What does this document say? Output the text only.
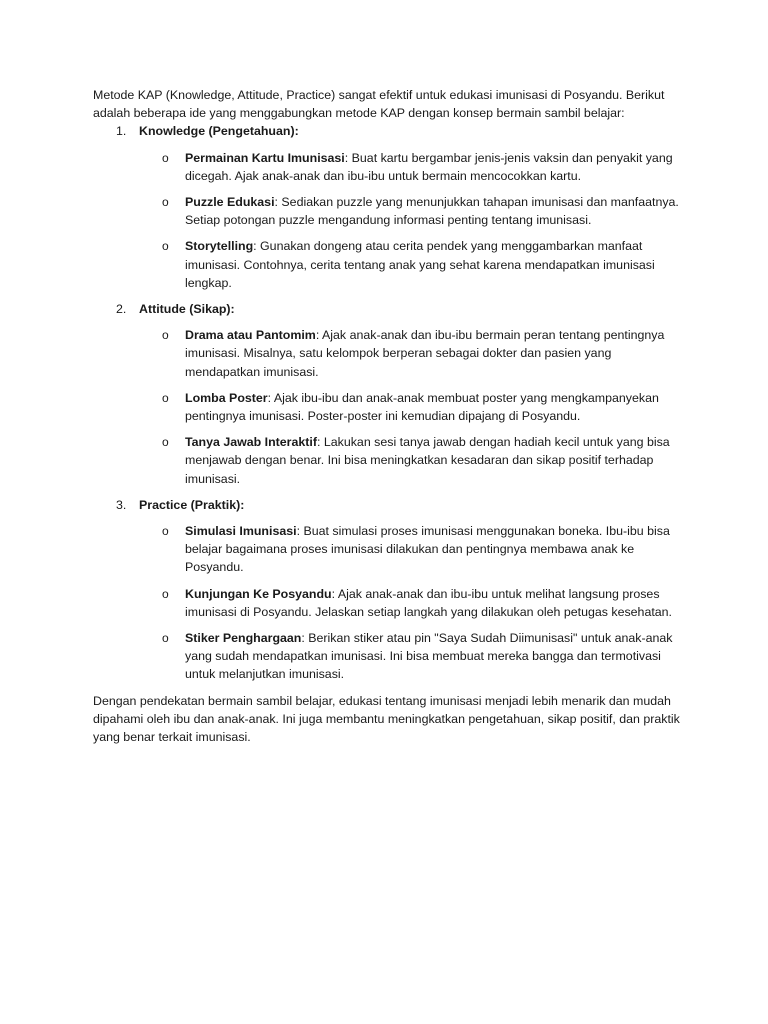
Metode KAP (Knowledge, Attitude, Practice) sangat efektif untuk edukasi imunisasi di Posyandu. Berikut adalah beberapa ide yang menggabungkan metode KAP dengan konsep bermain sambil belajar:

1. Knowledge (Pengetahuan):
o Permainan Kartu Imunisasi: Buat kartu bergambar jenis-jenis vaksin dan penyakit yang dicegah. Ajak anak-anak dan ibu-ibu untuk bermain mencocokkan kartu.
o Puzzle Edukasi: Sediakan puzzle yang menunjukkan tahapan imunisasi dan manfaatnya. Setiap potongan puzzle mengandung informasi penting tentang imunisasi.
o Storytelling: Gunakan dongeng atau cerita pendek yang menggambarkan manfaat imunisasi. Contohnya, cerita tentang anak yang sehat karena mendapatkan imunisasi lengkap.
2. Attitude (Sikap):
o Drama atau Pantomim: Ajak anak-anak dan ibu-ibu bermain peran tentang pentingnya imunisasi. Misalnya, satu kelompok berperan sebagai dokter dan pasien yang mendapatkan imunisasi.
o Lomba Poster: Ajak ibu-ibu dan anak-anak membuat poster yang mengkampanyekan pentingnya imunisasi. Poster-poster ini kemudian dipajang di Posyandu.
o Tanya Jawab Interaktif: Lakukan sesi tanya jawab dengan hadiah kecil untuk yang bisa menjawab dengan benar. Ini bisa meningkatkan kesadaran dan sikap positif terhadap imunisasi.
3. Practice (Praktik):
o Simulasi Imunisasi: Buat simulasi proses imunisasi menggunakan boneka. Ibu-ibu bisa belajar bagaimana proses imunisasi dilakukan dan pentingnya membawa anak ke Posyandu.
o Kunjungan Ke Posyandu: Ajak anak-anak dan ibu-ibu untuk melihat langsung proses imunisasi di Posyandu. Jelaskan setiap langkah yang dilakukan oleh petugas kesehatan.
o Stiker Penghargaan: Berikan stiker atau pin "Saya Sudah Diimunisasi" untuk anak-anak yang sudah mendapatkan imunisasi. Ini bisa membuat mereka bangga dan termotivasi untuk melanjutkan imunisasi.

Dengan pendekatan bermain sambil belajar, edukasi tentang imunisasi menjadi lebih menarik dan mudah dipahami oleh ibu dan anak-anak. Ini juga membantu meningkatkan pengetahuan, sikap positif, dan praktik yang benar terkait imunisasi.
